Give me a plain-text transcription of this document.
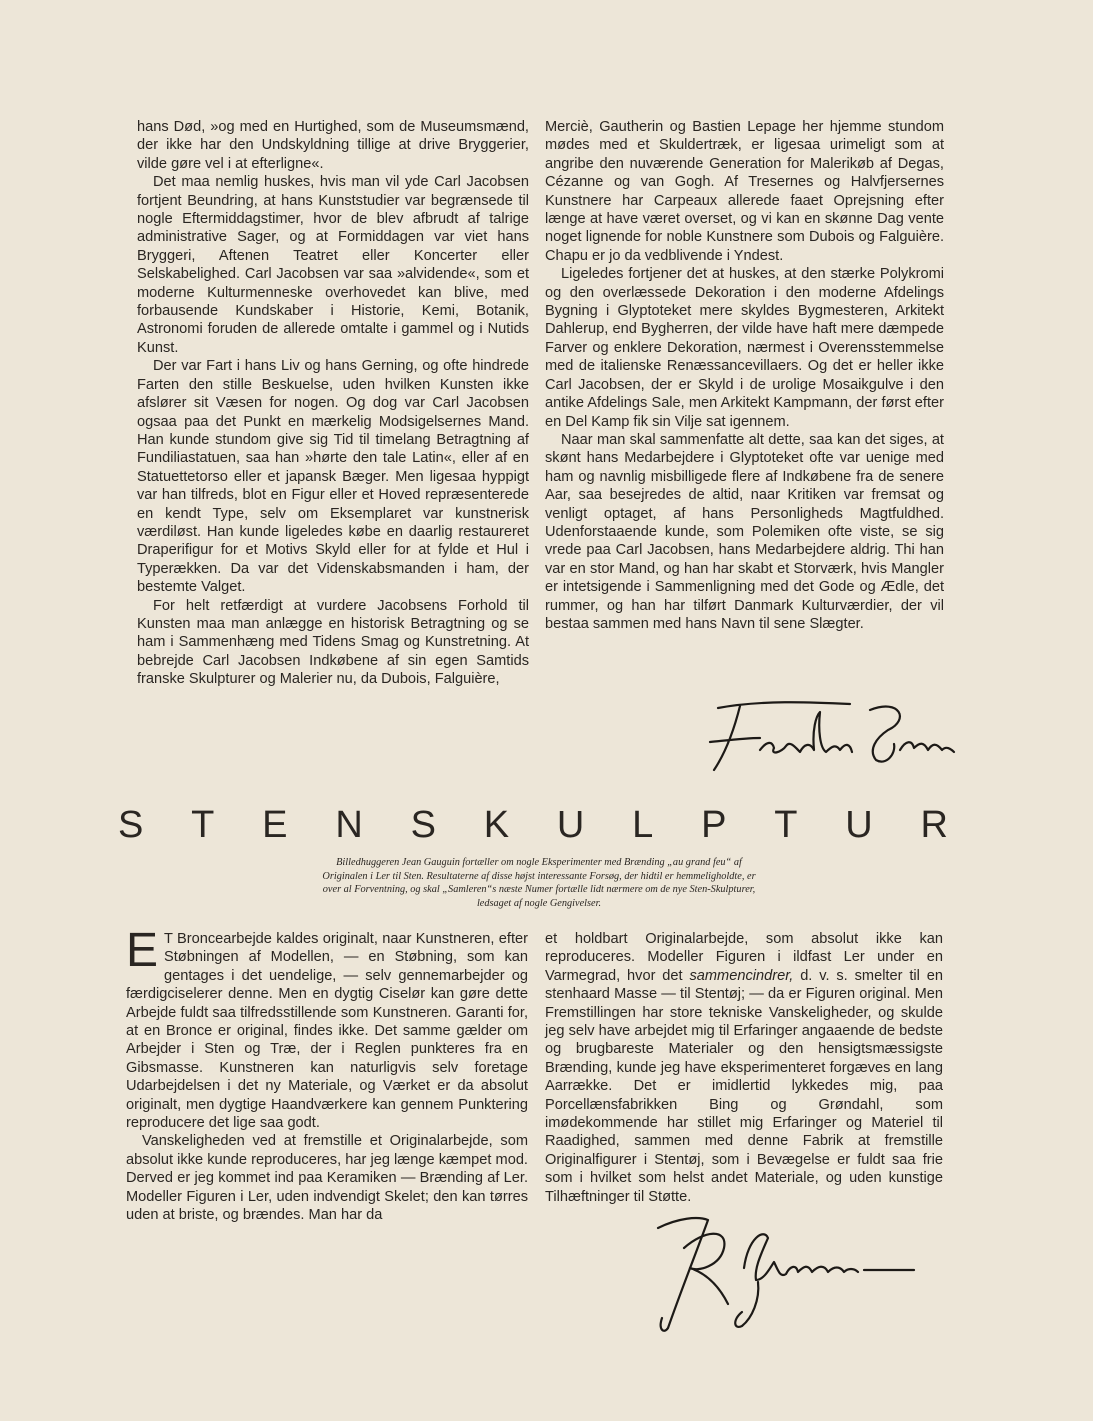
hans Død, »og med en Hurtighed, som de Museumsmænd, der ikke har den Undskyldning tillige at drive Bryggerier, vilde gøre vel i at efterligne«.

Det maa nemlig huskes, hvis man vil yde Carl Jacobsen fortjent Beundring, at hans Kunststudier var begrænsede til nogle Eftermiddagstimer, hvor de blev afbrudt af talrige administrative Sager, og at Formiddagen var viet hans Bryggeri, Aftenen Teatret eller Koncerter eller Selskabelighed. Carl Jacobsen var saa »alvidende«, som et moderne Kulturmenneske overhovedet kan blive, med forbausende Kundskaber i Historie, Kemi, Botanik, Astronomi foruden de allerede omtalte i gammel og i Nutids Kunst.

Der var Fart i hans Liv og hans Gerning, og ofte hindrede Farten den stille Beskuelse, uden hvilken Kunsten ikke afslører sit Væsen for nogen. Og dog var Carl Jacobsen ogsaa paa det Punkt en mærkelig Modsigelsernes Mand. Han kunde stundom give sig Tid til timelang Betragtning af Fundiliastatuen, saa han »hørte den tale Latin«, eller af en Statuettetorso eller et japansk Bæger. Men ligesaa hyppigt var han tilfreds, blot en Figur eller et Hoved repræsenterede en kendt Type, selv om Eksemplaret var kunstnerisk værdiløst. Han kunde ligeledes købe en daarlig restaureret Draperifigur for et Motivs Skyld eller for at fylde et Hul i Typerækken. Da var det Videnskabsmanden i ham, der bestemte Valget.

For helt retfærdigt at vurdere Jacobsens Forhold til Kunsten maa man anlægge en historisk Betragtning og se ham i Sammenhæng med Tidens Smag og Kunstretning. At bebrejde Carl Jacobsen Indkøbene af sin egen Samtids franske Skulpturer og Malerier nu, da Dubois, Falguière,

Merciè, Gautherin og Bastien Lepage her hjemme stundom mødes med et Skuldertræk, er ligesaa urimeligt som at angribe den nuværende Generation for Malerikøb af Degas, Cézanne og van Gogh. Af Tresernes og Halvfjersernes Kunstnere har Carpeaux allerede faaet Oprejsning efter længe at have været overset, og vi kan en skønne Dag vente noget lignende for noble Kunstnere som Dubois og Falguière. Chapu er jo da vedblivende i Yndest.

Ligeledes fortjener det at huskes, at den stærke Polykromi og den overlæssede Dekoration i den moderne Afdelings Bygning i Glyptoteket mere skyldes Bygmesteren, Arkitekt Dahlerup, end Bygherren, der vilde have haft mere dæmpede Farver og enklere Dekoration, nærmest i Overensstemmelse med de italienske Renæssancevillaers. Og det er heller ikke Carl Jacobsen, der er Skyld i de urolige Mosaikgulve i den antike Afdelings Sale, men Arkitekt Kampmann, der først efter en Del Kamp fik sin Vilje sat igennem.

Naar man skal sammenfatte alt dette, saa kan det siges, at skønt hans Medarbejdere i Glyptoteket ofte var uenige med ham og navnlig misbilligede flere af Indkøbene fra de senere Aar, saa besejredes de altid, naar Kritiken var fremsat og venligt optaget, af hans Personligheds Magtfuldhed. Udenforstaaende kunde, som Polemiken ofte viste, se sig vrede paa Carl Jacobsen, hans Medarbejdere aldrig. Thi han var en stor Mand, og han har skabt et Storværk, hvis Mangler er intetsigende i Sammenligning med det Gode og Ædle, det rummer, og han har tilført Danmark Kulturværdier, der vil bestaa sammen med hans Navn til sene Slægter.

S T E N S K U L P T U R
Billedhuggeren Jean Gauguin fortæller om nogle Eksperimenter med Brænding „au grand feu“ af Originalen i Ler til Sten. Resultaterne af disse højst interessante Forsøg, der hidtil er hemmeligholdte, er over al Forventning, og skal „Samleren“s næste Numer fortælle lidt nærmere om de nye Sten-Skulpturer, ledsaget af nogle Gengivelser.

E T Broncearbejde kaldes originalt, naar Kunstneren, efter Støbningen af Modellen, — en Støbning, som kan gentages i det uendelige, — selv gennemarbejder og færdigciselerer denne. Men en dygtig Ciselør kan gøre dette Arbejde fuldt saa tilfredsstillende som Kunstneren. Garanti for, at en Bronce er original, findes ikke. Det samme gælder om Arbejder i Sten og Træ, der i Reglen punkteres fra en Gibsmasse. Kunstneren kan naturligvis selv foretage Udarbejdelsen i det ny Materiale, og Værket er da absolut originalt, men dygtige Haandværkere kan gennem Punktering reproducere det lige saa godt.

Vanskeligheden ved at fremstille et Originalarbejde, som absolut ikke kunde reproduceres, har jeg længe kæmpet mod. Derved er jeg kommet ind paa Keramiken — Brænding af Ler. Modeller Figuren i Ler, uden indvendigt Skelet; den kan tørres uden at briste, og brændes. Man har da

et holdbart Originalarbejde, som absolut ikke kan reproduceres. Modeller Figuren i ildfast Ler under en Varmegrad, hvor det sammencindrer, d. v. s. smelter til en stenhaard Masse — til Stentøj; — da er Figuren original. Men Fremstillingen har store tekniske Vanskeligheder, og skulde jeg selv have arbejdet mig til Erfaringer angaaende de bedste og brugbareste Materialer og den hensigtsmæssigste Brænding, kunde jeg have eksperimenteret forgæves en lang Aarrække. Det er imidlertid lykkedes mig, paa Porcellænsfabrikken Bing og Grøndahl, som imødekommende har stillet mig Erfaringer og Materiel til Raadighed, sammen med denne Fabrik at fremstille Originalfigurer i Stentøj, som i Bevægelse er fuldt saa frie som i hvilket som helst andet Materiale, og uden kunstige Tilhæftninger til Støtte.
